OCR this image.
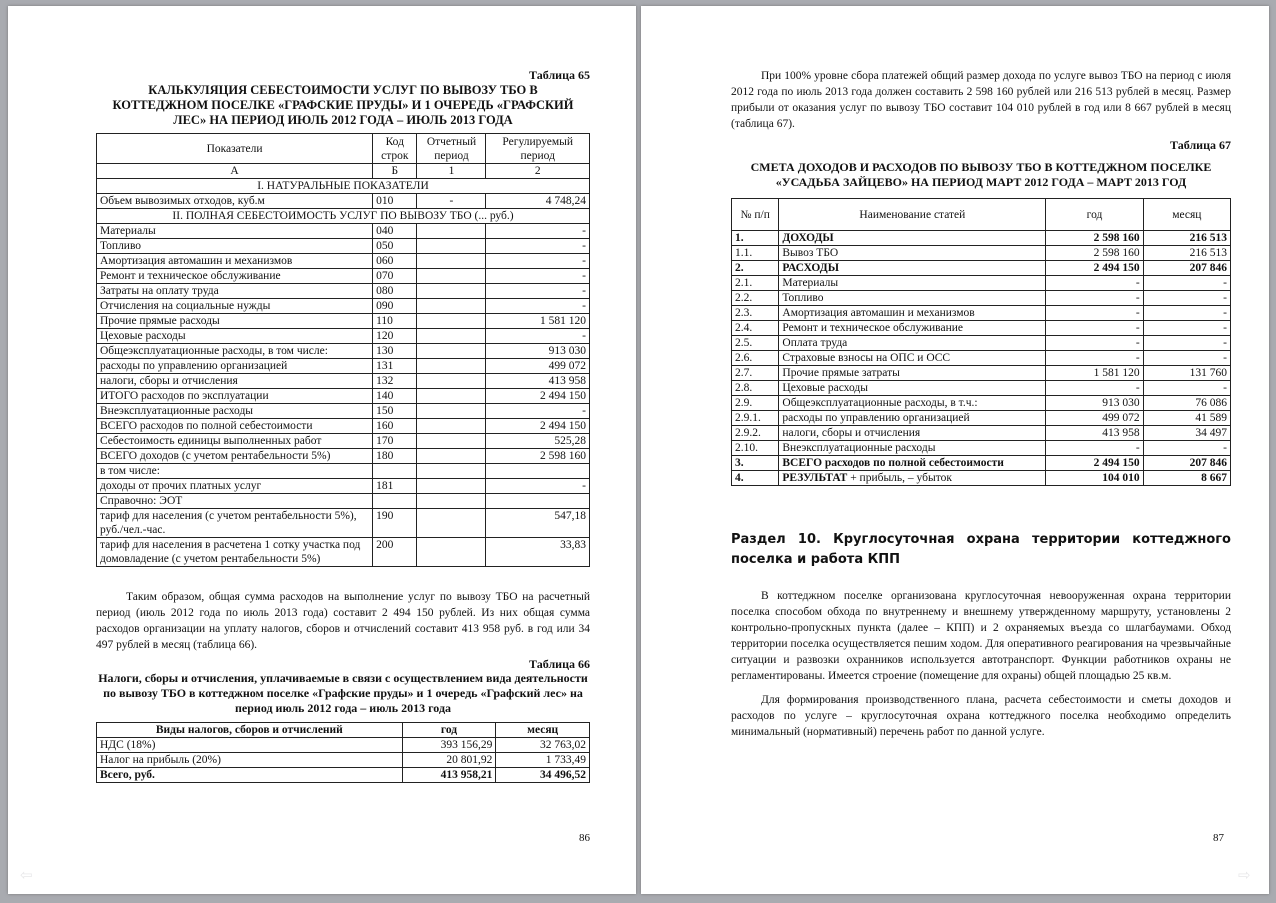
Таблица 65
КАЛЬКУЛЯЦИЯ СЕБЕСТОИМОСТИ УСЛУГ ПО ВЫВОЗУ ТБО В КОТТЕДЖНОМ ПОСЕЛКЕ «ГРАФСКИЕ ПРУДЫ» И 1 ОЧЕРЕДЬ «ГРАФСКИЙ ЛЕС» НА ПЕРИОД ИЮЛЬ 2012 ГОДА – ИЮЛЬ 2013 ГОДА
Показатели	Код строк	Отчетный период	Регулируемый период
А	Б	1	2
I. НАТУРАЛЬНЫЕ ПОКАЗАТЕЛИ			
Объем вывозимых отходов, куб.м	010	-	4 748,24
II. ПОЛНАЯ СЕБЕСТОИМОСТЬ УСЛУГ ПО ВЫВОЗУ ТБО (... руб.)			
Материалы	040		-
Топливо	050		-
Амортизация автомашин и механизмов	060		-
Ремонт и техническое обслуживание	070		-
Затраты на оплату труда	080		-
Отчисления на социальные нужды	090		-
Прочие прямые расходы	110		1 581 120
Цеховые расходы	120		-
Общеэксплуатационные расходы, в том числе:	130		913 030
расходы по управлению организацией	131		499 072
налоги, сборы и отчисления	132		413 958
ИТОГО расходов по эксплуатации	140		2 494 150
Внеэксплуатационные расходы	150		-
ВСЕГО расходов по полной себестоимости	160		2 494 150
Себестоимость единицы выполненных работ	170		525,28
ВСЕГО доходов (с учетом рентабельности 5%)	180		2 598 160
в том числе:			
доходы от прочих платных услуг	181		-
Справочно: ЭОТ			
тариф для населения (с учетом рентабельности 5%), руб./чел.-час.	190		547,18
тариф для населения в расчетена 1 сотку участка под домовладение (с учетом рентабельности 5%)	200		33,83

Таким образом, общая сумма расходов на выполнение услуг по вывозу ТБО на расчетный период (июль 2012 года по июль 2013 года) составит 2 494 150 рублей. Из них общая сумма расходов организации на уплату налогов, сборов и отчислений составит 413 958 руб. в год или 34 497 рублей в месяц (таблица 66).

Таблица 66
Налоги, сборы и отчисления, уплачиваемые в связи с осуществлением вида деятельности по вывозу ТБО в коттеджном поселке «Графские пруды» и 1 очередь «Графский лес» на период июль 2012 года – июль 2013 года
Виды налогов, сборов и отчислений	год	месяц
НДС (18%)	393 156,29	32 763,02
Налог на прибыль (20%)	20 801,92	1 733,49
Всего, руб.	413 958,21	34 496,52
86

При 100% уровне сбора платежей общий размер дохода по услуге вывоз ТБО на период с июля 2012 года по июль 2013 года должен составить 2 598 160 рублей или 216 513 рублей в месяц. Размер прибыли от оказания услуг по вывозу ТБО составит 104 010 рублей в год или 8 667 рублей в месяц (таблица 67).

Таблица 67
СМЕТА ДОХОДОВ И РАСХОДОВ ПО ВЫВОЗУ ТБО В КОТТЕДЖНОМ ПОСЕЛКЕ «УСАДЬБА ЗАЙЦЕВО» НА ПЕРИОД МАРТ 2012 ГОДА – МАРТ 2013 ГОД
№ п/п	Наименование статей	год	месяц
1.	ДОХОДЫ	2 598 160	216 513
1.1.	Вывоз ТБО	2 598 160	216 513
2.	РАСХОДЫ	2 494 150	207 846
2.1.	Материалы	-	-
2.2.	Топливо	-	-
2.3.	Амортизация автомашин и механизмов	-	-
2.4.	Ремонт и техническое обслуживание	-	-
2.5.	Оплата труда	-	-
2.6.	Страховые взносы на ОПС и ОСС	-	-
2.7.	Прочие прямые затраты	1 581 120	131 760
2.8.	Цеховые расходы	-	-
2.9.	Общеэксплуатационные расходы, в т.ч.:	913 030	76 086
2.9.1.	расходы по управлению организацией	499 072	41 589
2.9.2.	налоги, сборы и отчисления	413 958	34 497
2.10.	Внеэксплуатационные расходы	-	-
3.	ВСЕГО расходов по полной себестоимости	2 494 150	207 846
4.	РЕЗУЛЬТАТ + прибыль, – убыток	104 010	8 667
Раздел 10. Круглосуточная охрана территории коттеджного поселка и работа КПП

В коттеджном поселке организована круглосуточная невооруженная охрана территории поселка способом обхода по внутреннему и внешнему утвержденному маршруту, установлены 2 контрольно-пропускных пункта (далее – КПП) и 2 охраняемых въезда со шлагбаумами. Обход территории поселка осуществляется пешим ходом. Для оперативного реагирования на чрезвычайные ситуации и развозки охранников используется автотранспорт. Функции работников охраны не регламентированы. Имеется строение (помещение для охраны) общей площадью 25 кв.м.

Для формирования производственного плана, расчета себестоимости и сметы доходов и расходов по услуге – круглосуточная охрана коттеджного поселка необходимо определить минимальный (нормативный) перечень работ по данной услуге.

87
⇦	⇨
